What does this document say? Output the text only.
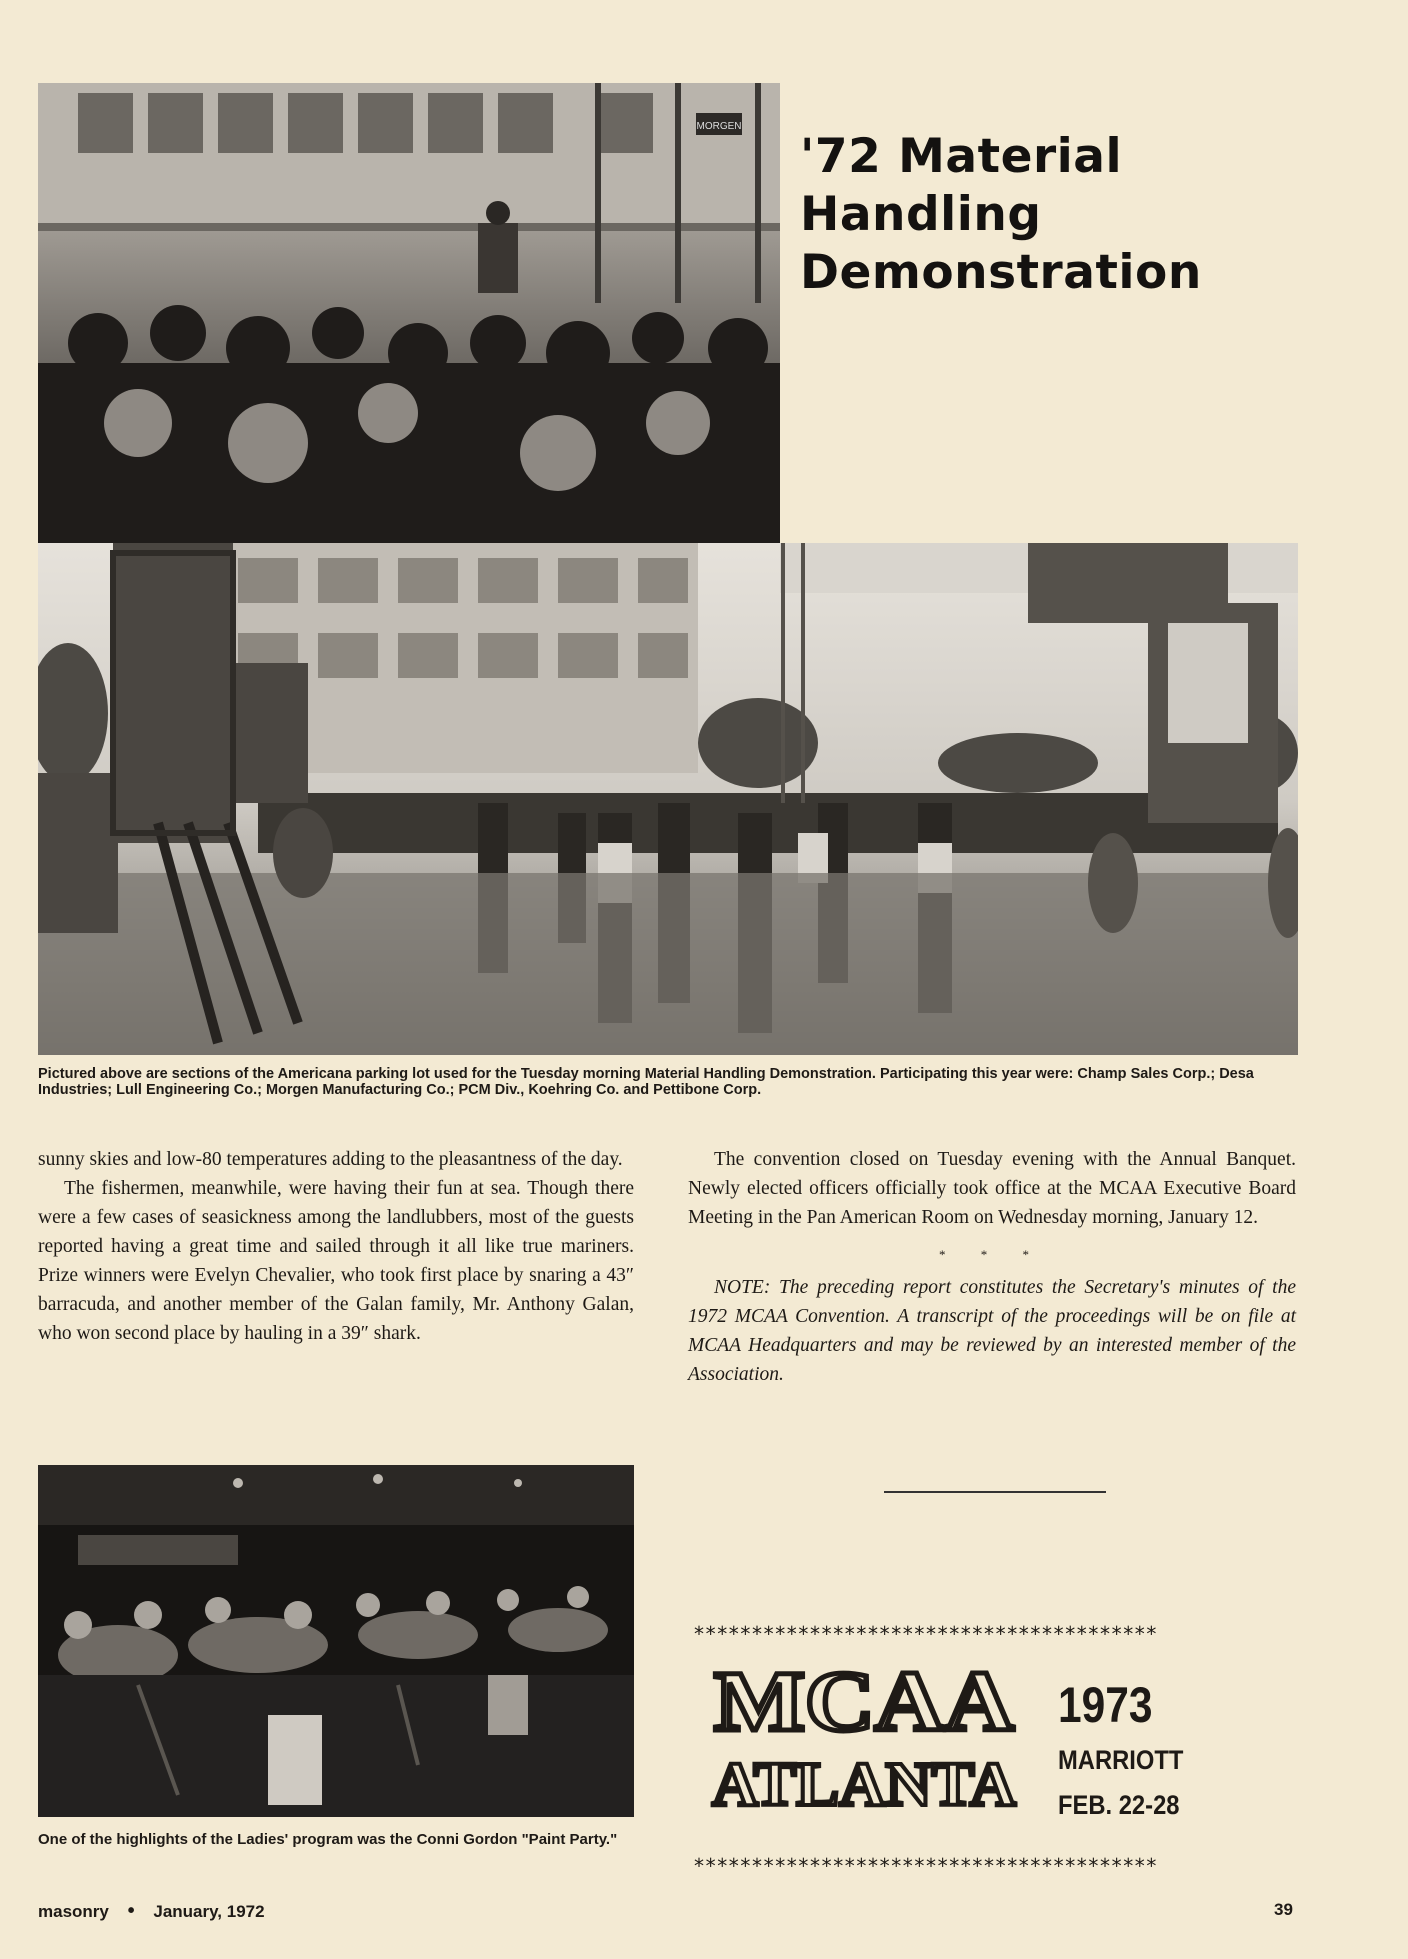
MORGEN
'72 Material
Handling
Demonstration
Pictured above are sections of the Americana parking lot used for the Tuesday morning Material Handling Demonstration. Participating this year were: Champ Sales Corp.; Desa Industries; Lull Engineering Co.; Morgen Manufacturing Co.; PCM Div., Koehring Co. and Pettibone Corp.

sunny skies and low-80 temperatures adding to the pleasantness of the day.

The fishermen, meanwhile, were having their fun at sea. Though there were a few cases of seasickness among the landlubbers, most of the guests reported having a great time and sailed through it all like true mariners. Prize winners were Evelyn Chevalier, who took first place by snaring a 43″ barracuda, and another member of the Galan family, Mr. Anthony Galan, who won second place by hauling in a 39″ shark.

The convention closed on Tuesday evening with the Annual Banquet. Newly elected officers officially took office at the MCAA Executive Board Meeting in the Pan American Room on Wednesday morning, January 12.

* * *

NOTE: The preceding report constitutes the Secretary's minutes of the 1972 MCAA Convention. A transcript of the proceedings will be on file at MCAA Headquarters and may be reviewed by an interested member of the Association.

One of the highlights of the Ladies' program was the Conni Gordon "Paint Party."
****************************************
MCAA
ATLANTA
1973
MARRIOTT
FEB. 22-28
****************************************
masonry • January, 1972	39
